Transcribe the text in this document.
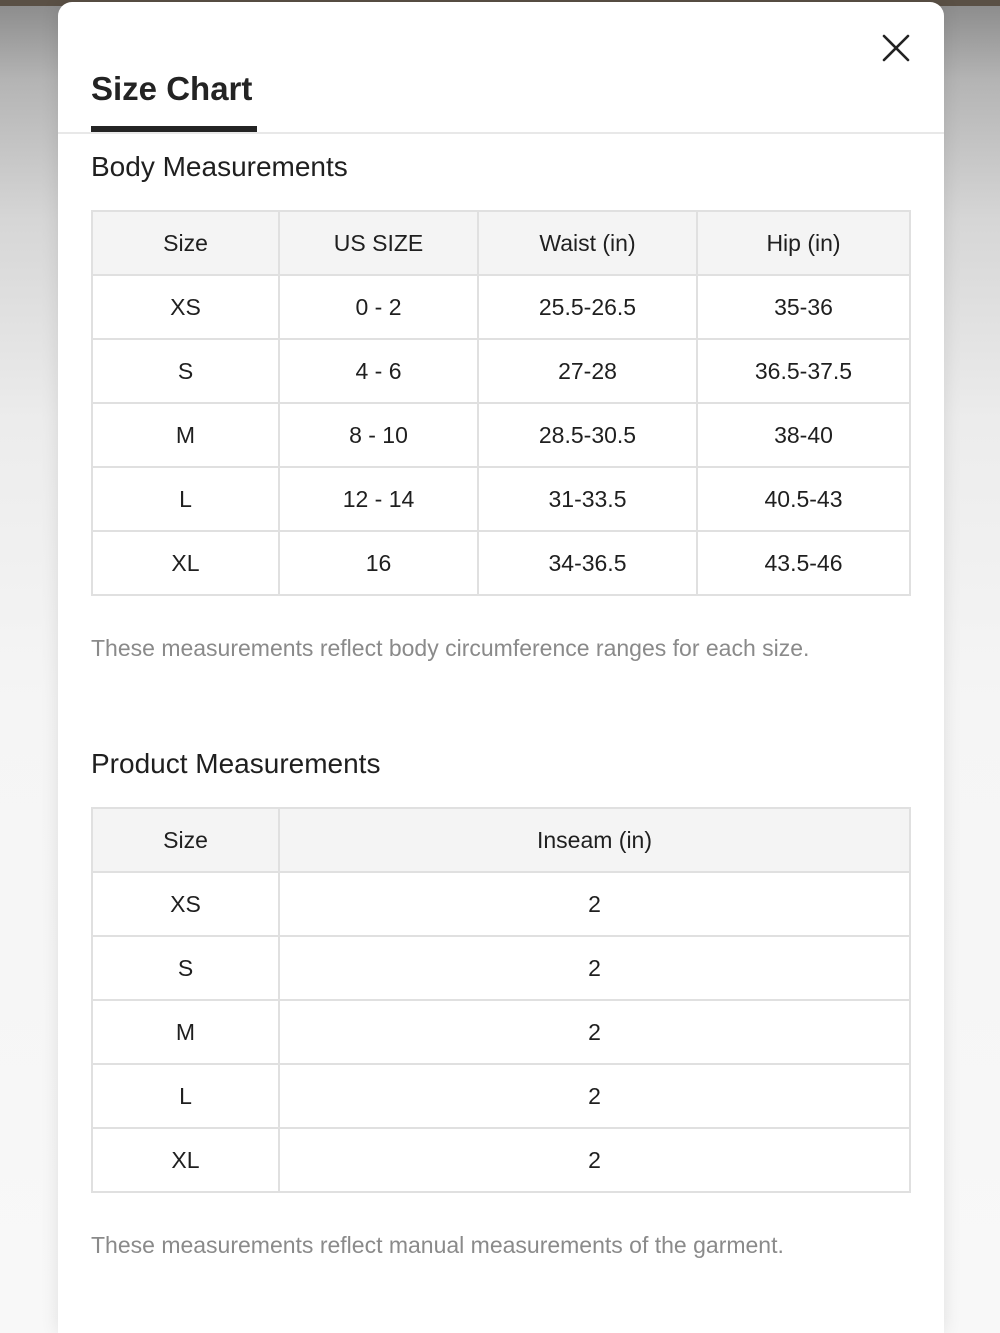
Size Chart
Body Measurements
Size	US SIZE	Waist (in)	Hip (in)
XS	0 - 2	25.5-26.5	35-36
S	4 - 6	27-28	36.5-37.5
M	8 - 10	28.5-30.5	38-40
L	12 - 14	31-33.5	40.5-43
XL	16	34-36.5	43.5-46
These measurements reflect body circumference ranges for each size.
Product Measurements
Size	Inseam (in)
XS	2
S	2
M	2
L	2
XL	2
These measurements reflect manual measurements of the garment.
